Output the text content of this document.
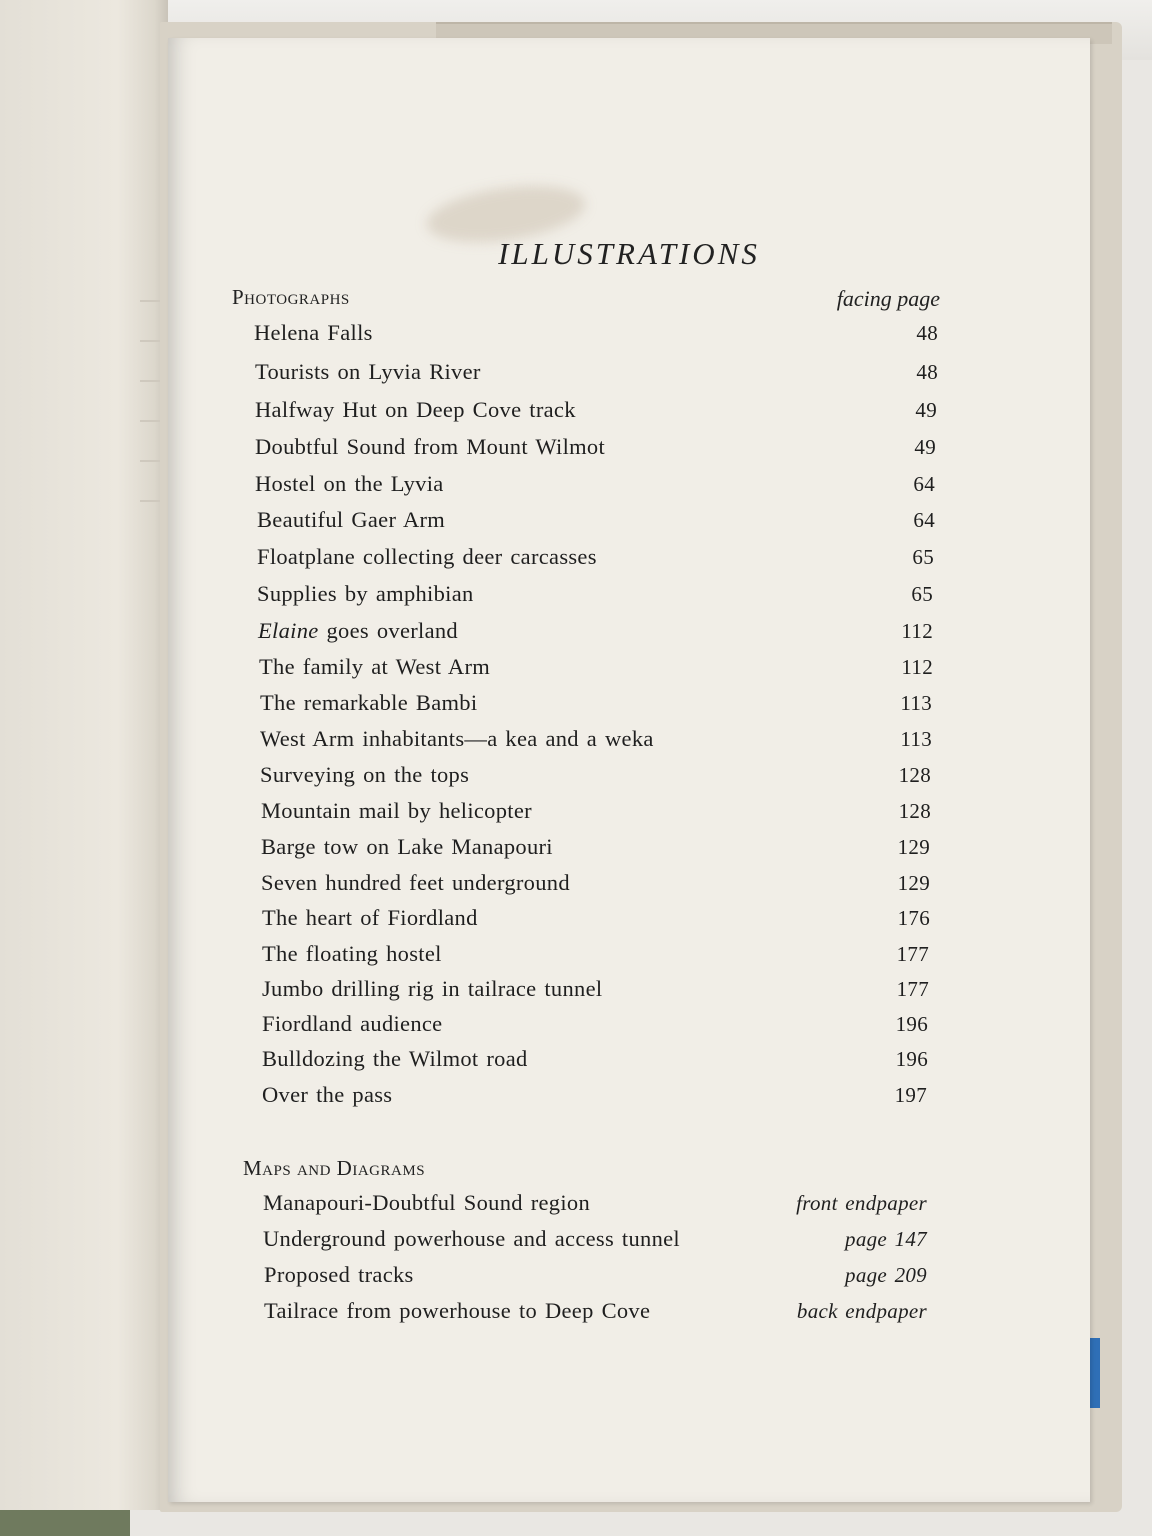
ILLUSTRATIONS
Photographs	facing page
Helena Falls	48
Tourists on Lyvia River	48
Halfway Hut on Deep Cove track	49
Doubtful Sound from Mount Wilmot	49
Hostel on the Lyvia	64
Beautiful Gaer Arm	64
Floatplane collecting deer carcasses	65
Supplies by amphibian	65
Elaine goes overland	112
The family at West Arm	112
The remarkable Bambi	113
West Arm inhabitants—a kea and a weka	113
Surveying on the tops	128
Mountain mail by helicopter	128
Barge tow on Lake Manapouri	129
Seven hundred feet underground	129
The heart of Fiordland	176
The floating hostel	177
Jumbo drilling rig in tailrace tunnel	177
Fiordland audience	196
Bulldozing the Wilmot road	196
Over the pass	197
Maps and Diagrams
Manapouri-Doubtful Sound region	front endpaper
Underground powerhouse and access tunnel	page 147
Proposed tracks	page 209
Tailrace from powerhouse to Deep Cove	back endpaper
